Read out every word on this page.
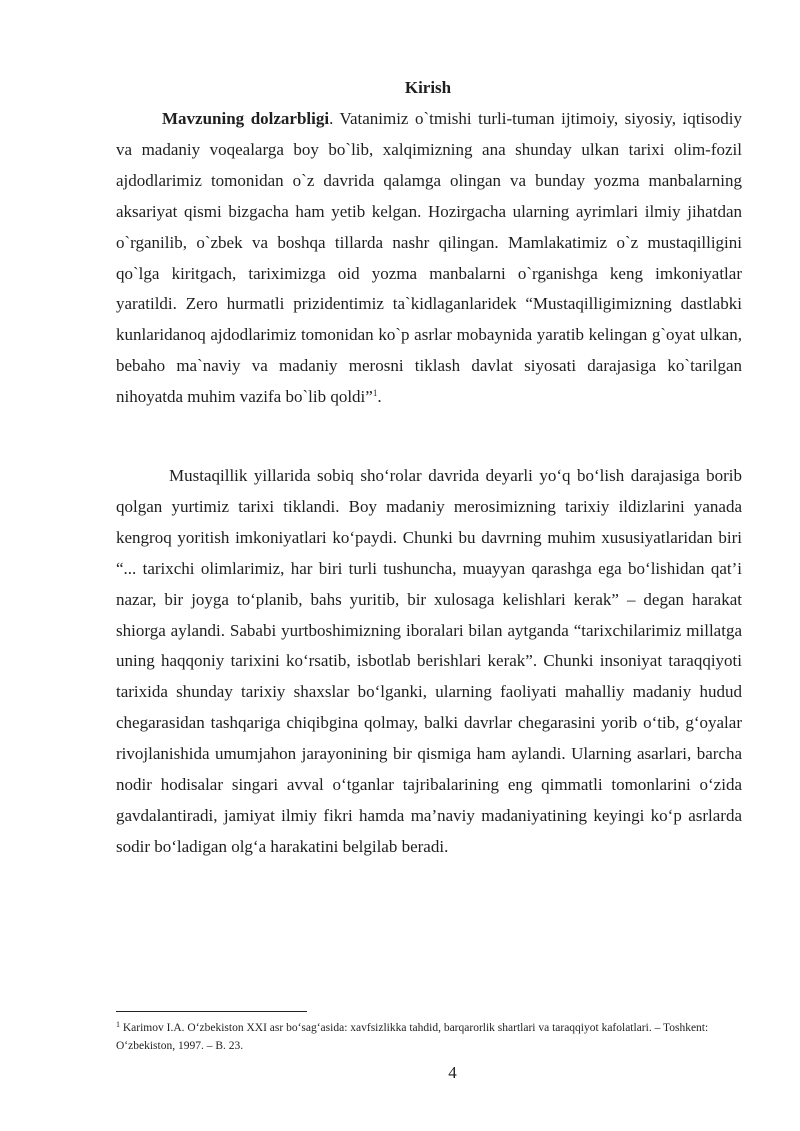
Kirish

Mavzuning dolzarbligi. Vatanimiz o`tmishi turli-tuman ijtimoiy, siyosiy, iqtisodiy va madaniy voqealarga boy bo`lib, xalqimizning ana shunday ulkan tarixi olim-fozil ajdodlarimiz tomonidan o`z davrida qalamga olingan va bunday yozma manbalarning aksariyat qismi bizgacha ham yetib kelgan. Hozirgacha ularning ayrimlari ilmiy jihatdan o`rganilib, o`zbek va boshqa tillarda nashr qilingan. Mamlakatimiz o`z mustaqilligini qo`lga kiritgach, tariximizga oid yozma manbalarni o`rganishga keng imkoniyatlar yaratildi. Zero hurmatli prizidentimiz ta`kidlaganlaridek “Mustaqilligimizning dastlabki kunlaridanoq ajdodlarimiz tomonidan ko`p asrlar mobaynida yaratib kelingan g`oyat ulkan, bebaho ma`naviy va madaniy merosni tiklash davlat siyosati darajasiga ko`tarilgan nihoyatda muhim vazifa bo`lib qoldi”$^1$.

Mustaqillik yillarida sobiq sho‘rolar davrida deyarli yo‘q bo‘lish darajasiga borib qolgan yurtimiz tarixi tiklandi. Boy madaniy merosimizning tarixiy ildizlarini yanada kengroq yoritish imkoniyatlari ko‘paydi. Chunki bu davrning muhim xususiyatlaridan biri “... tarixchi olimlarimiz, har biri turli tushuncha, muayyan qarashga ega bo‘lishidan qat’i nazar, bir joyga to‘planib, bahs yuritib, bir xulosaga kelishlari kerak” – degan harakat shiorga aylandi. Sababi yurtboshimizning iboralari bilan aytganda “tarixchilarimiz millatga uning haqqoniy tarixini ko‘rsatib, isbotlab berishlari kerak”. Chunki insoniyat taraqqiyoti tarixida shunday tarixiy shaxslar bo‘lganki, ularning faoliyati mahalliy madaniy hudud chegarasidan tashqariga chiqibgina qolmay, balki davrlar chegarasini yorib o‘tib, g‘oyalar rivojlanishida umumjahon jarayonining bir qismiga ham aylandi. Ularning asarlari, barcha nodir hodisalar singari avval o‘tganlar tajribalarining eng qimmatli tomonlarini o‘zida gavdalantiradi, jamiyat ilmiy fikri hamda ma’naviy madaniyatining keyingi ko‘p asrlarda sodir bo‘ladigan olg‘a harakatini belgilab beradi.

$^1$ Karimov I.A. O‘zbekiston XXI asr bo‘sag‘asida: xavfsizlikka tahdid, barqarorlik shartlari va taraqqiyot kafolatlari. – Toshkent: O‘zbekiston, 1997. – B. 23.

4
